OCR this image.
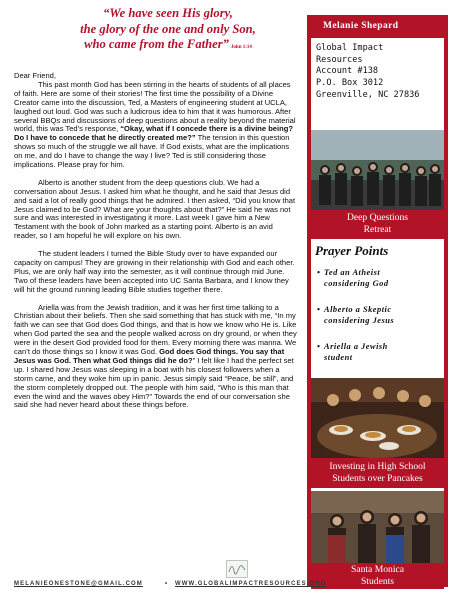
“We have seen His glory,
the glory of the one and only Son,
who came from the Father” John 1:14

Dear Friend,

This past month God has been stirring in the hearts of students of all places of faith. Here are some of their stories! The first time the possibility of a Divine Creator came into the discussion, Ted, a Masters of engineering student at UCLA, laughed out loud. God was such a ludicrous idea to him that it was humorous. After several BBQs and discussions of deep questions about a reality beyond the material world, this was Ted’s response, “Okay, what if I concede there is a divine being? Do I have to concede that he directly created me?” The tension in this question shows so much of the struggle we all have. If God exists, what are the implications on me, and do I have to change the way I live? Ted is still considering those implications. Please pray for him.

Alberto is another student from the deep questions club. We had a conversation about Jesus. I asked him what he thought, and he said that Jesus did and said a lot of really good things that he admired. I then asked, “Did you know that Jesus claimed to be God? What are your thoughts about that?” He said he was not sure and was interested in investigating it more. Last week I gave him a New Testament with the book of John marked as a starting point. Alberto is an avid reader, so I am hopeful he will explore on his own.

The student leaders I turned the Bible Study over to have expanded our capacity on campus! They are growing in their relationship with God and each other. Plus, we are only half way into the semester, as it will continue through mid June. Two of these leaders have been accepted into UC Santa Barbara, and I know they will hit the ground running leading Bible studies together there.

Ariella was from the Jewish tradition, and it was her first time talking to a Christian about their beliefs. Then she said something that has stuck with me, “In my faith we can see that God does God things, and that is how we know who He is. Like when God parted the sea and the people walked across on dry ground, or when they were in the desert God provided food for them. Every morning there was manna. We can’t do those things so I know it was God. God does God things. You say that Jesus was God. Then what God things did he do?” I felt like I had the perfect set up. I shared how Jesus was sleeping in a boat with his closest followers when a storm came, and they woke him up in panic. Jesus simply said “Peace, be still”, and the storm completely dropped out. The people with him said, “Who is this man that even the wind and the waves obey Him?” Towards the end of our conversation she said she had never heard about these things before.

Melanie Shepard
Global Impact
Resources
Account #138
P.O. Box 3012
Greenville, NC 27836
Deep Questions
Retreat
Prayer Points
• Ted an Atheist
considering God
• Alberto a Skeptic
considering Jesus
• Ariella a Jewish
student
Investing in High School
Students over Pancakes
Santa Monica
Students
MELANIEONESTONE@GMAIL.COM	• WWW.GLOBALIMPACTRESOURCES.ORG
